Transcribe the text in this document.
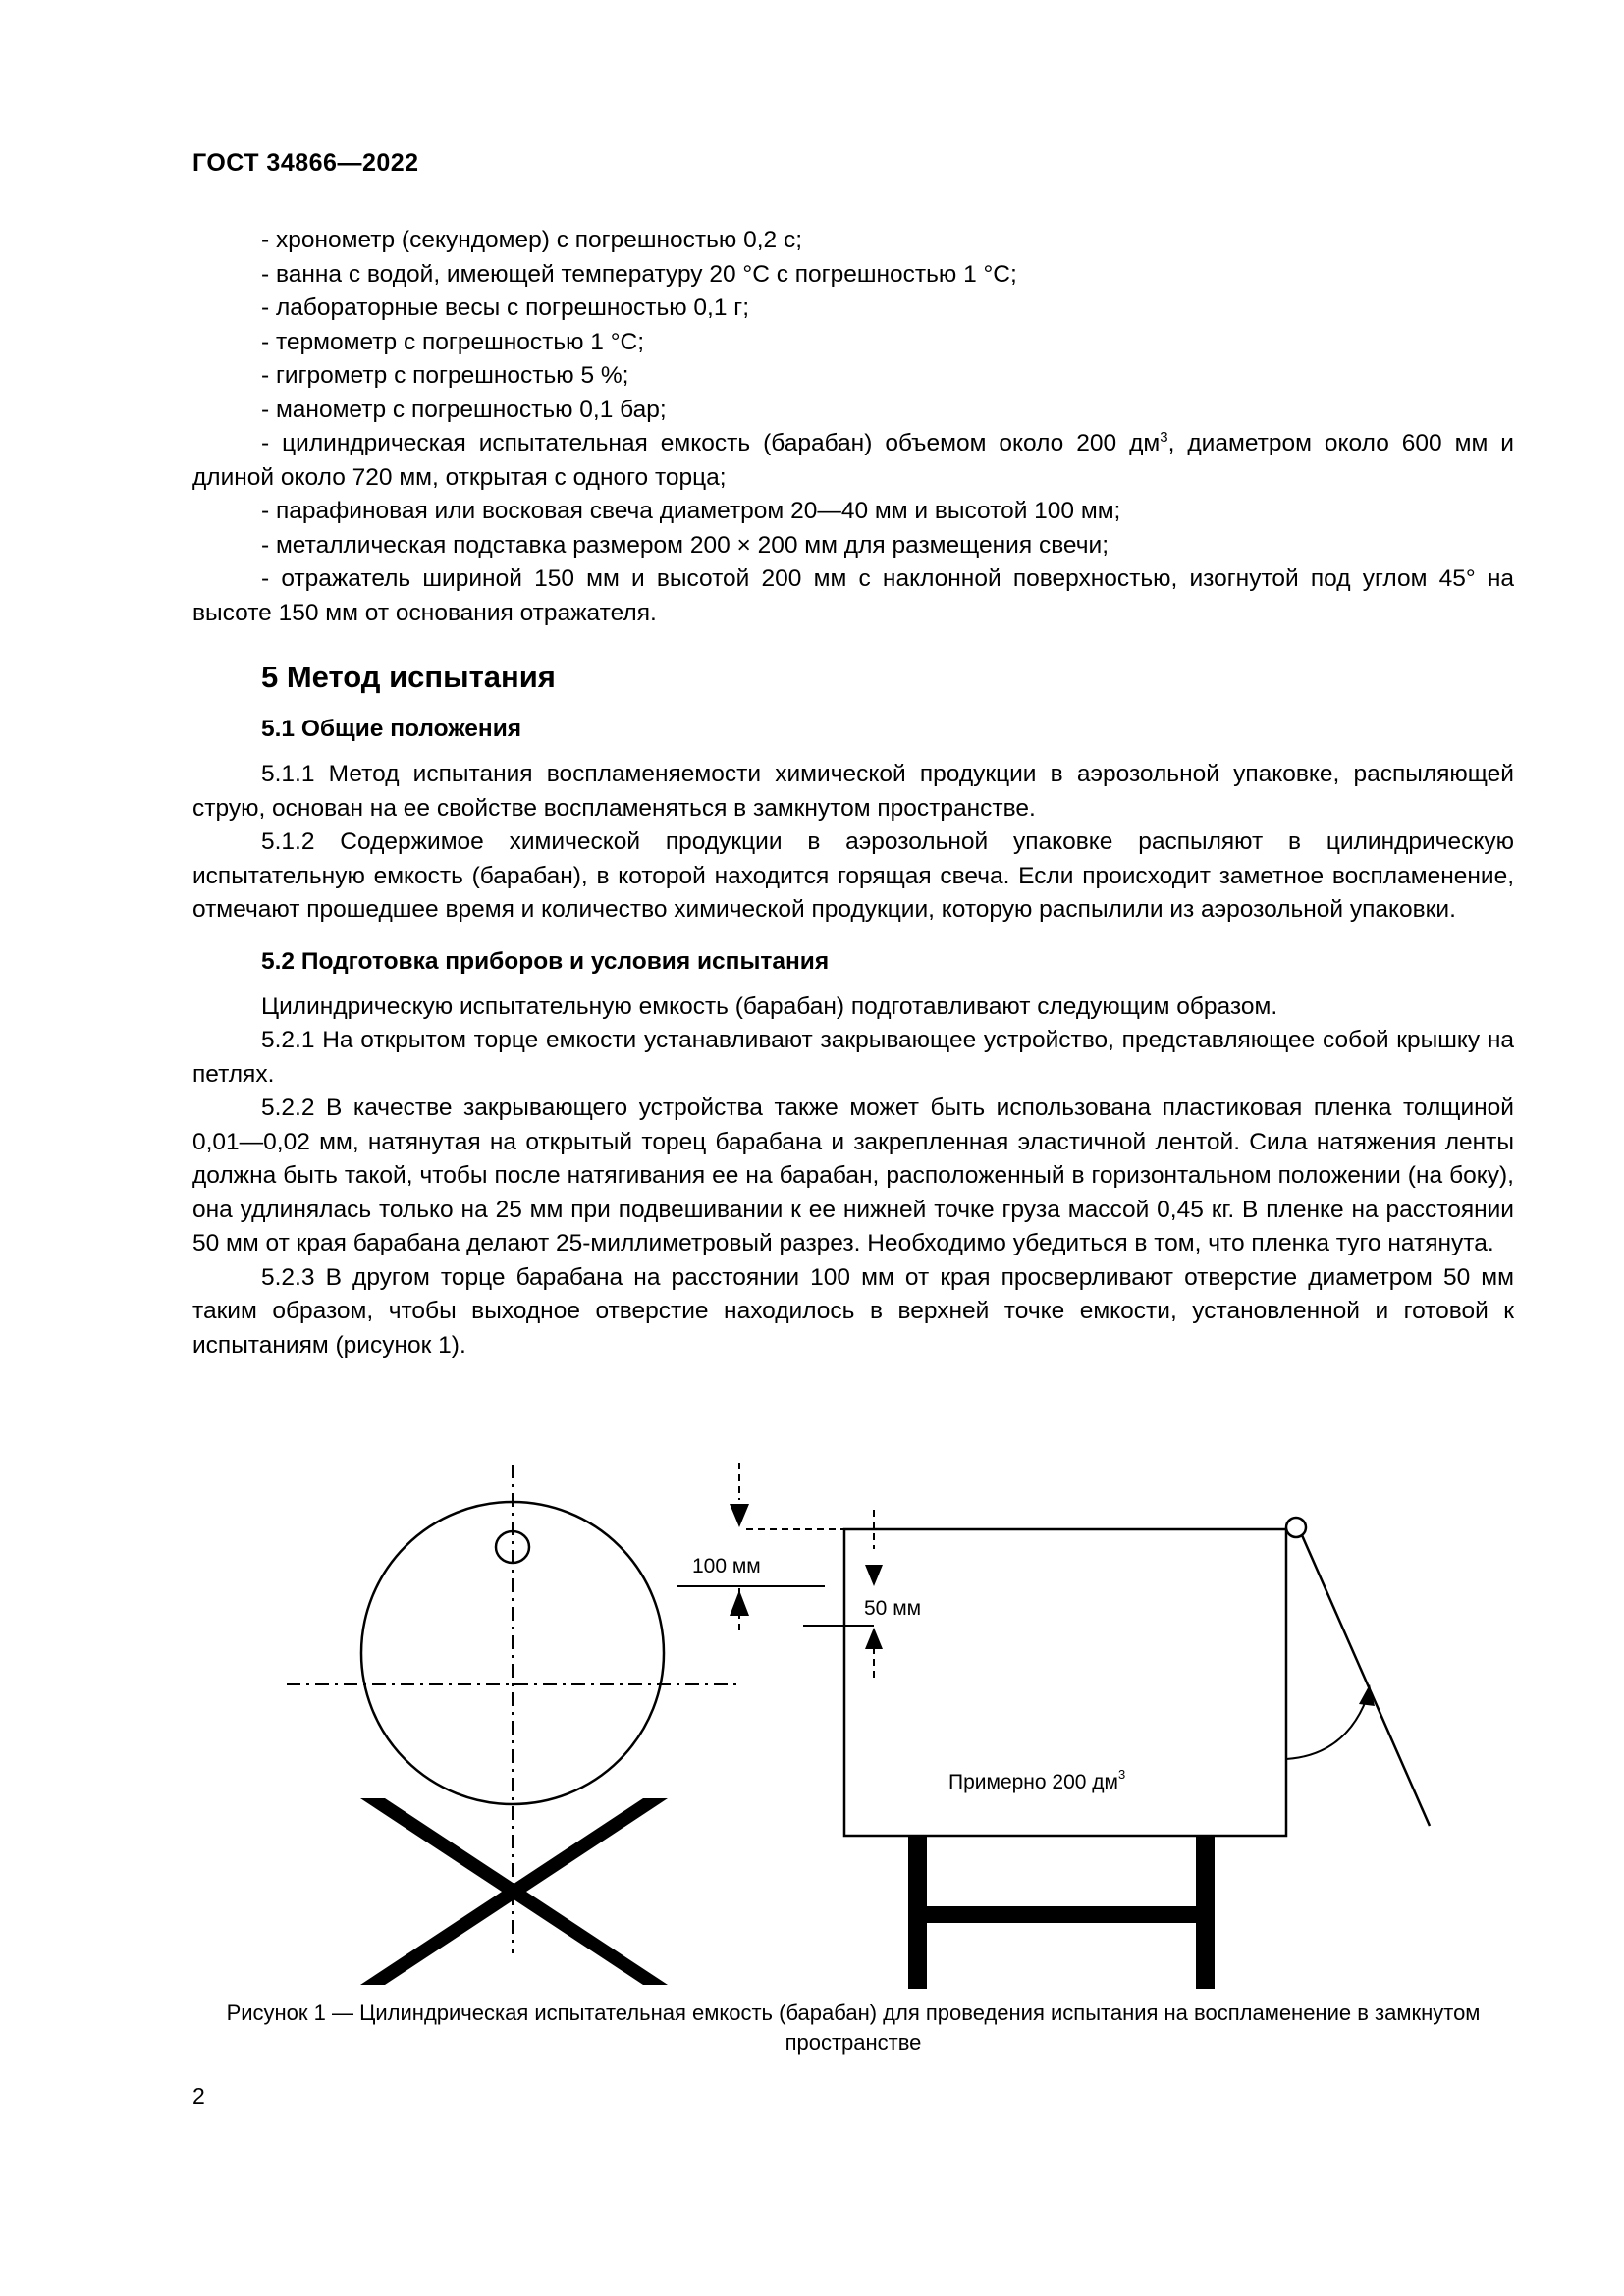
ГОСТ 34866—2022

- хронометр (секундомер) с погрешностью 0,2 с;

- ванна с водой, имеющей температуру 20 °С с погрешностью 1 °С;

- лабораторные весы с погрешностью 0,1 г;

- термометр с погрешностью 1 °С;

- гигрометр с погрешностью 5 %;

- манометр с погрешностью 0,1 бар;

- цилиндрическая испытательная емкость (барабан) объемом около 200 $дм^3$, диаметром около 600 мм и длиной около 720 мм, открытая с одного торца;

- парафиновая или восковая свеча диаметром 20—40 мм и высотой 100 мм;

- металлическая подставка размером 200 × 200 мм для размещения свечи;

- отражатель шириной 150 мм и высотой 200 мм с наклонной поверхностью, изогнутой под углом 45° на высоте 150 мм от основания отражателя.

5 Метод испытания
5.1 Общие положения

5.1.1 Метод испытания воспламеняемости химической продукции в аэрозольной упаковке, распыляющей струю, основан на ее свойстве воспламеняться в замкнутом пространстве.

5.1.2 Содержимое химической продукции в аэрозольной упаковке распыляют в цилиндрическую испытательную емкость (барабан), в которой находится горящая свеча. Если происходит заметное воспламенение, отмечают прошедшее время и количество химической продукции, которую распылили из аэрозольной упаковки.

5.2 Подготовка приборов и условия испытания

Цилиндрическую испытательную емкость (барабан) подготавливают следующим образом.

5.2.1 На открытом торце емкости устанавливают закрывающее устройство, представляющее собой крышку на петлях.

5.2.2 В качестве закрывающего устройства также может быть использована пластиковая пленка толщиной 0,01—0,02 мм, натянутая на открытый торец барабана и закрепленная эластичной лентой. Сила натяжения ленты должна быть такой, чтобы после натягивания ее на барабан, расположенный в горизонтальном положении (на боку), она удлинялась только на 25 мм при подвешивании к ее нижней точке груза массой 0,45 кг. В пленке на расстоянии 50 мм от края барабана делают 25-миллиметровый разрез. Необходимо убедиться в том, что пленка туго натянута.

5.2.3 В другом торце барабана на расстоянии 100 мм от края просверливают отверстие диаметром 50 мм таким образом, чтобы выходное отверстие находилось в верхней точке емкости, установленной и готовой к испытаниям (рисунок 1).

100 мм
50 мм
Примерно 200 $дм^3$
Рисунок 1 — Цилиндрическая испытательная емкость (барабан) для проведения испытания на воспламенение в замкнутом пространстве
2
